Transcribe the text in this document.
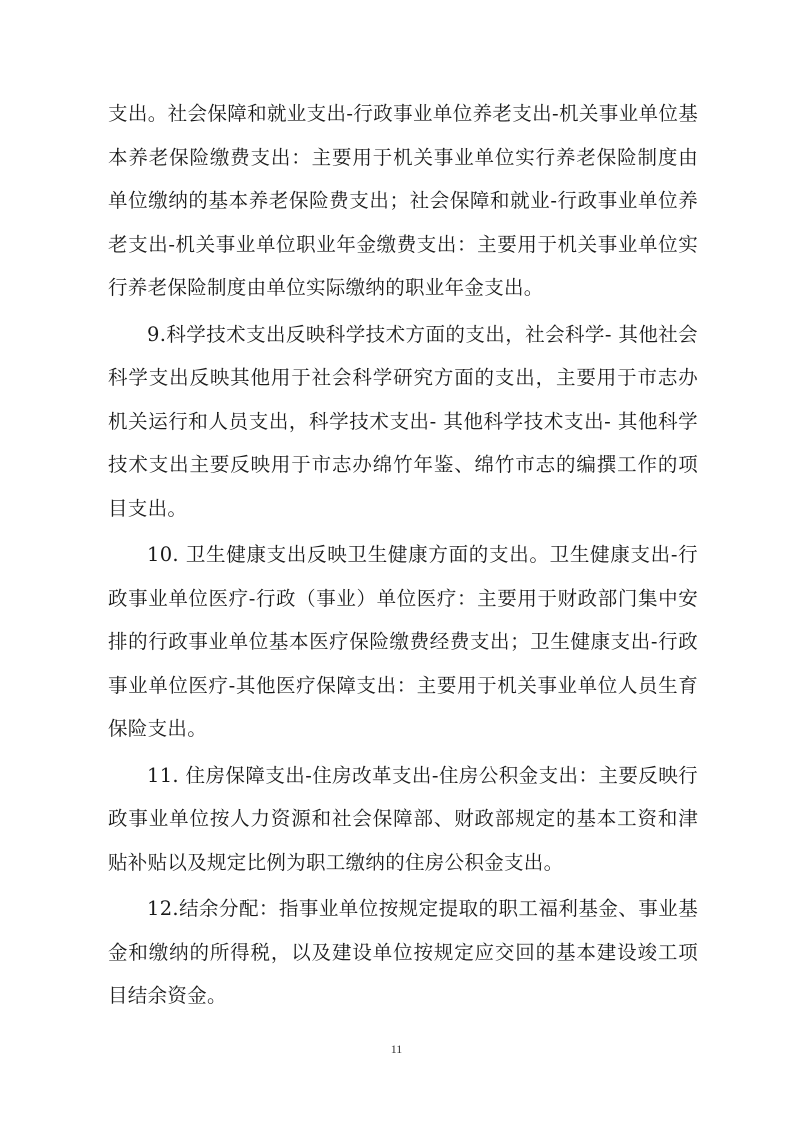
支出。社会保障和就业支出-行政事业单位养老支出-机关事业单位基本养老保险缴费支出：主要用于机关事业单位实行养老保险制度由单位缴纳的基本养老保险费支出；社会保障和就业-行政事业单位养老支出-机关事业单位职业年金缴费支出：主要用于机关事业单位实行养老保险制度由单位实际缴纳的职业年金支出。

9.科学技术支出反映科学技术方面的支出，社会科学- 其他社会科学支出反映其他用于社会科学研究方面的支出，主要用于市志办机关运行和人员支出，科学技术支出- 其他科学技术支出- 其他科学技术支出主要反映用于市志办绵竹年鉴、绵竹市志的编撰工作的项目支出。

10. 卫生健康支出反映卫生健康方面的支出。卫生健康支出-行政事业单位医疗-行政（事业）单位医疗：主要用于财政部门集中安排的行政事业单位基本医疗保险缴费经费支出；卫生健康支出-行政事业单位医疗-其他医疗保障支出：主要用于机关事业单位人员生育保险支出。

11. 住房保障支出-住房改革支出-住房公积金支出：主要反映行政事业单位按人力资源和社会保障部、财政部规定的基本工资和津贴补贴以及规定比例为职工缴纳的住房公积金支出。

12.结余分配：指事业单位按规定提取的职工福利基金、事业基金和缴纳的所得税，以及建设单位按规定应交回的基本建设竣工项目结余资金。

11
